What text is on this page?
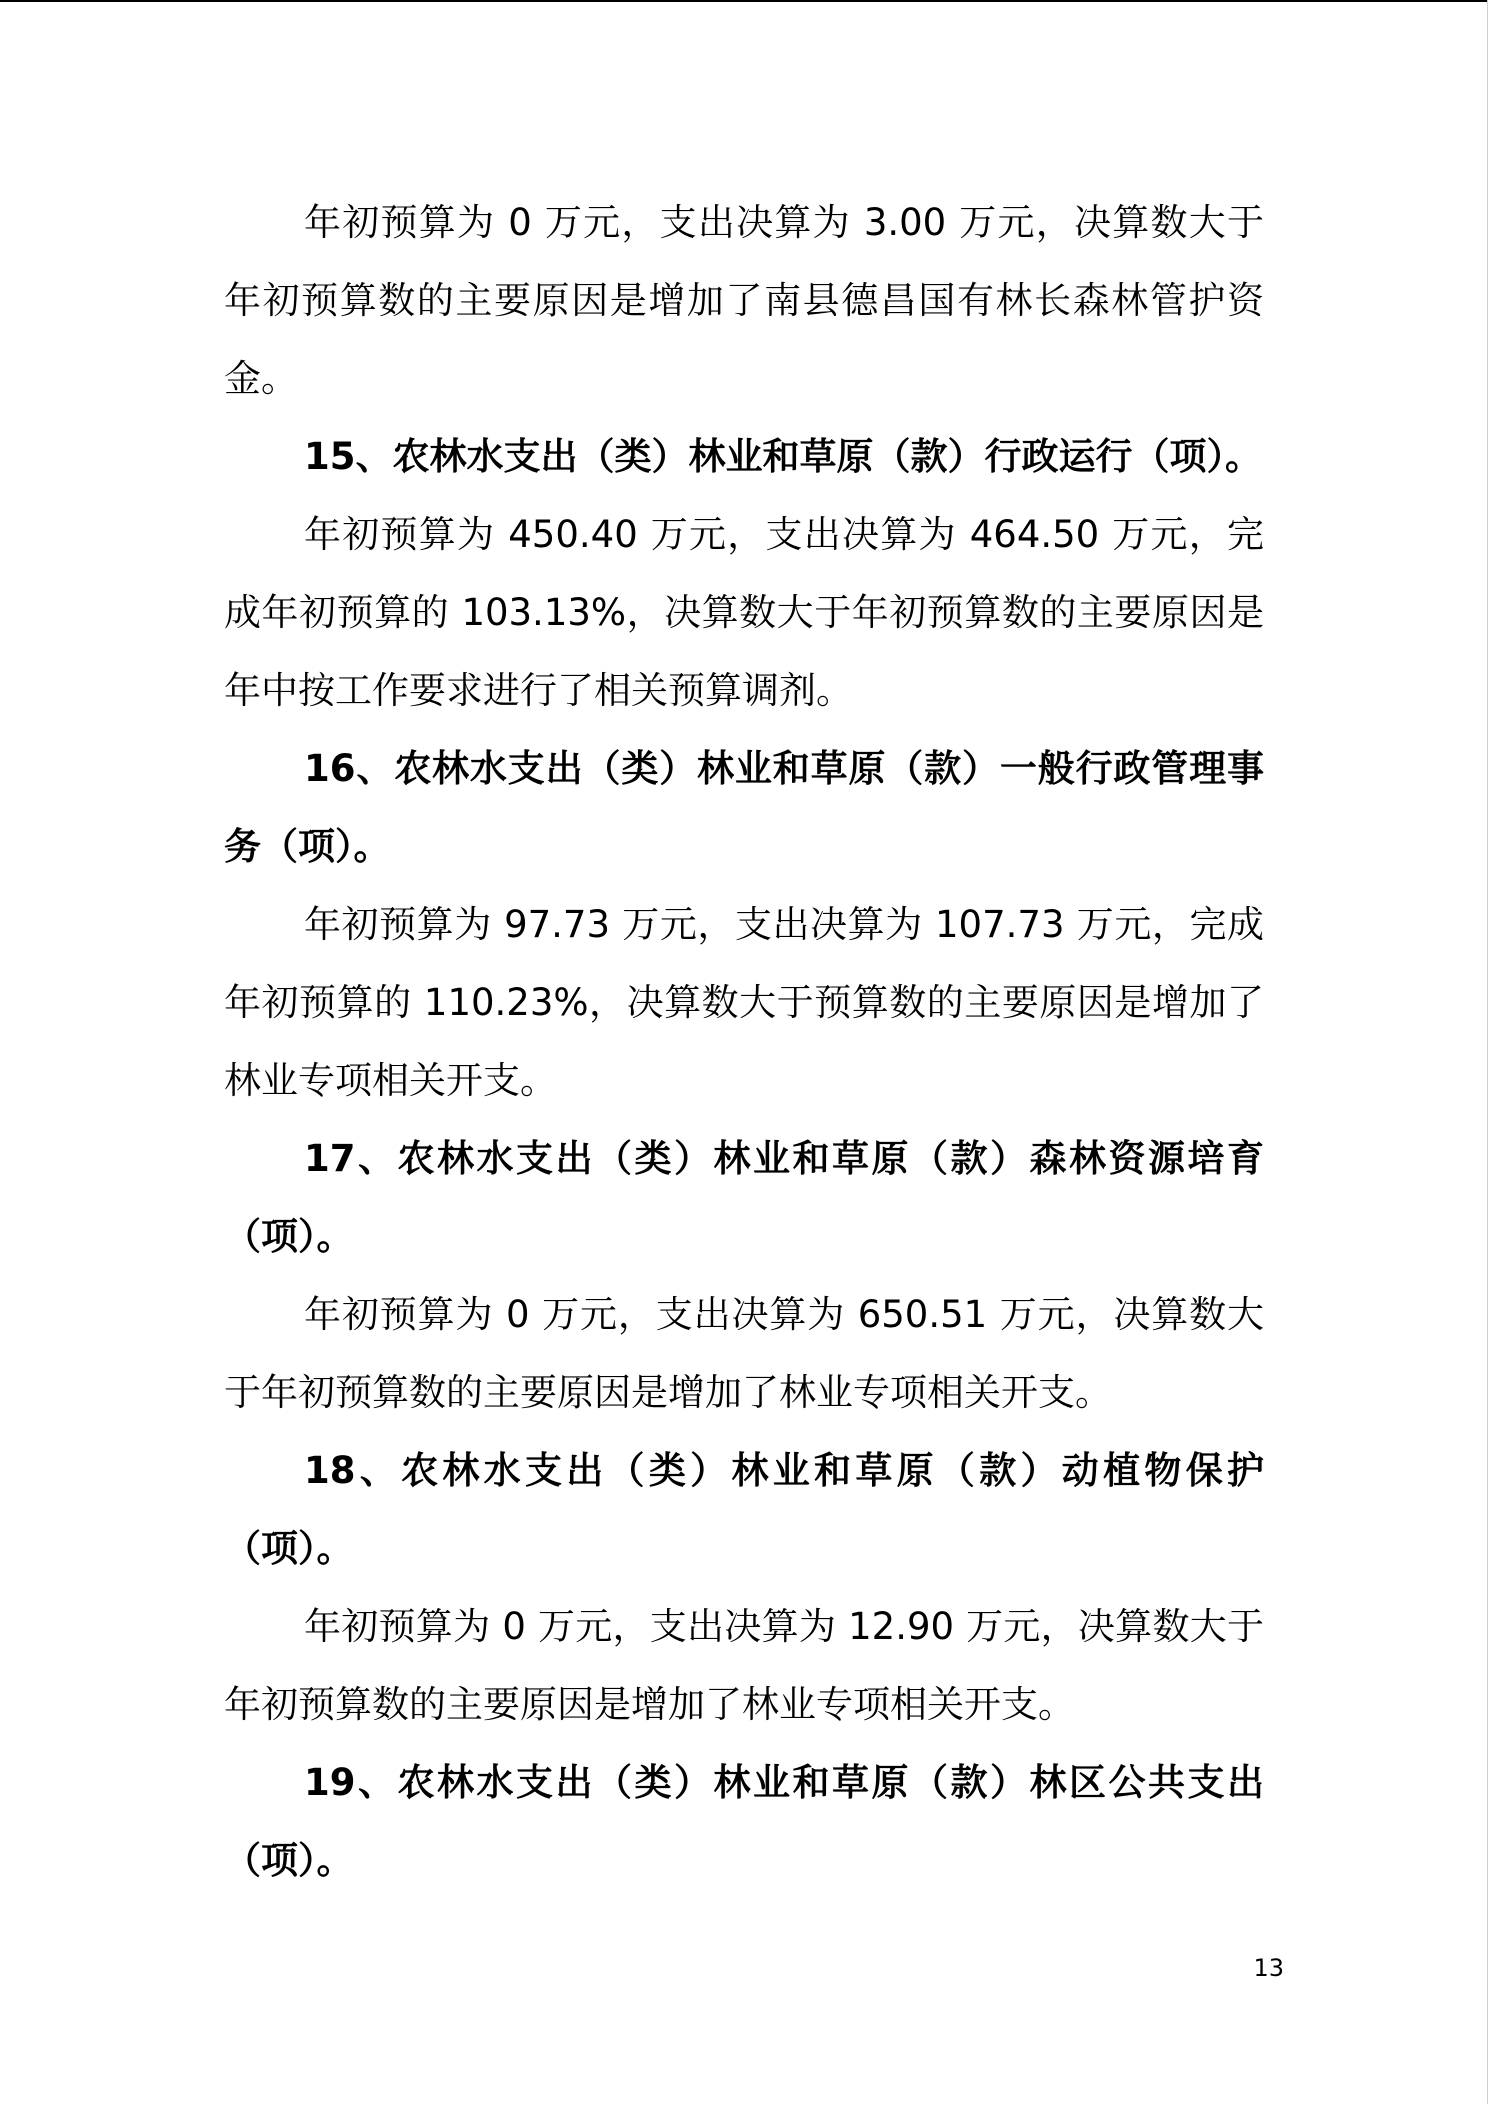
年初预算为 0 万元，支出决算为 3.00 万元，决算数大于年初预算数的主要原因是增加了南县德昌国有林长森林管护资金。

15、农林水支出（类）林业和草原（款）行政运行（项）。

年初预算为 450.40 万元，支出决算为 464.50 万元，完成年初预算的 103.13%，决算数大于年初预算数的主要原因是年中按工作要求进行了相关预算调剂。

16、农林水支出（类）林业和草原（款）一般行政管理事务（项）。

年初预算为 97.73 万元，支出决算为 107.73 万元，完成年初预算的 110.23%，决算数大于预算数的主要原因是增加了林业专项相关开支。

17、农林水支出（类）林业和草原（款）森林资源培育（项）。

年初预算为 0 万元，支出决算为 650.51 万元，决算数大于年初预算数的主要原因是增加了林业专项相关开支。

18、农林水支出（类）林业和草原（款）动植物保护（项）。

年初预算为 0 万元，支出决算为 12.90 万元，决算数大于年初预算数的主要原因是增加了林业专项相关开支。

19、农林水支出（类）林业和草原（款）林区公共支出（项）。

13
